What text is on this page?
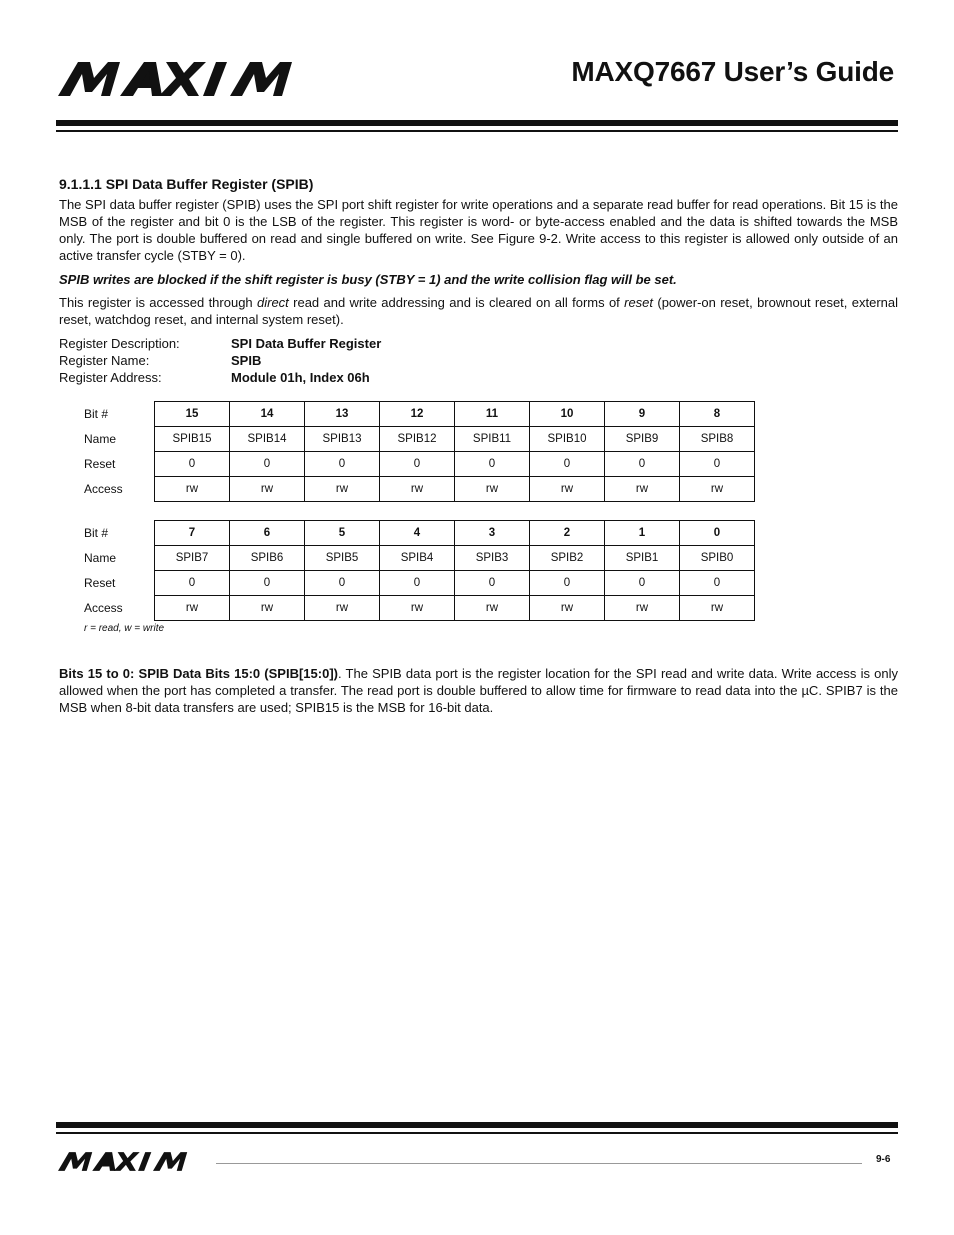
MAXQ7667 User’s Guide
9.1.1.1 SPI Data Buffer Register (SPIB)

The SPI data buffer register (SPIB) uses the SPI port shift register for write operations and a separate read buffer for read operations. Bit 15 is the MSB of the register and bit 0 is the LSB of the register. This register is word- or byte-access enabled and the data is shifted towards the MSB only. The port is double buffered on read and single buffered on write. See Figure 9-2. Write access to this register is allowed only outside of an active transfer cycle (STBY = 0).

SPIB writes are blocked if the shift register is busy (STBY = 1) and the write collision flag will be set.

This register is accessed through direct read and write addressing and is cleared on all forms of reset (power-on reset, brownout reset, external reset, watchdog reset, and internal system reset).

Register Description:	SPI Data Buffer Register
Register Name:	SPIB
Register Address:	Module 01h, Index 06h
Bit #	15	14	13	12	11	10	9	8
Name	SPIB15	SPIB14	SPIB13	SPIB12	SPIB11	SPIB10	SPIB9	SPIB8
Reset	0	0	0	0	0	0	0	0
Access	rw	rw	rw	rw	rw	rw	rw	rw
Bit #	7	6	5	4	3	2	1	0
Name	SPIB7	SPIB6	SPIB5	SPIB4	SPIB3	SPIB2	SPIB1	SPIB0
Reset	0	0	0	0	0	0	0	0
Access	rw	rw	rw	rw	rw	rw	rw	rw
r = read, w = write

Bits 15 to 0: SPIB Data Bits 15:0 (SPIB[15:0]). The SPIB data port is the register location for the SPI read and write data. Write access is only allowed when the port has completed a transfer. The read port is double buffered to allow time for firmware to read data into the µC. SPIB7 is the MSB when 8-bit data transfers are used; SPIB15 is the MSB for 16-bit data.

9-6
